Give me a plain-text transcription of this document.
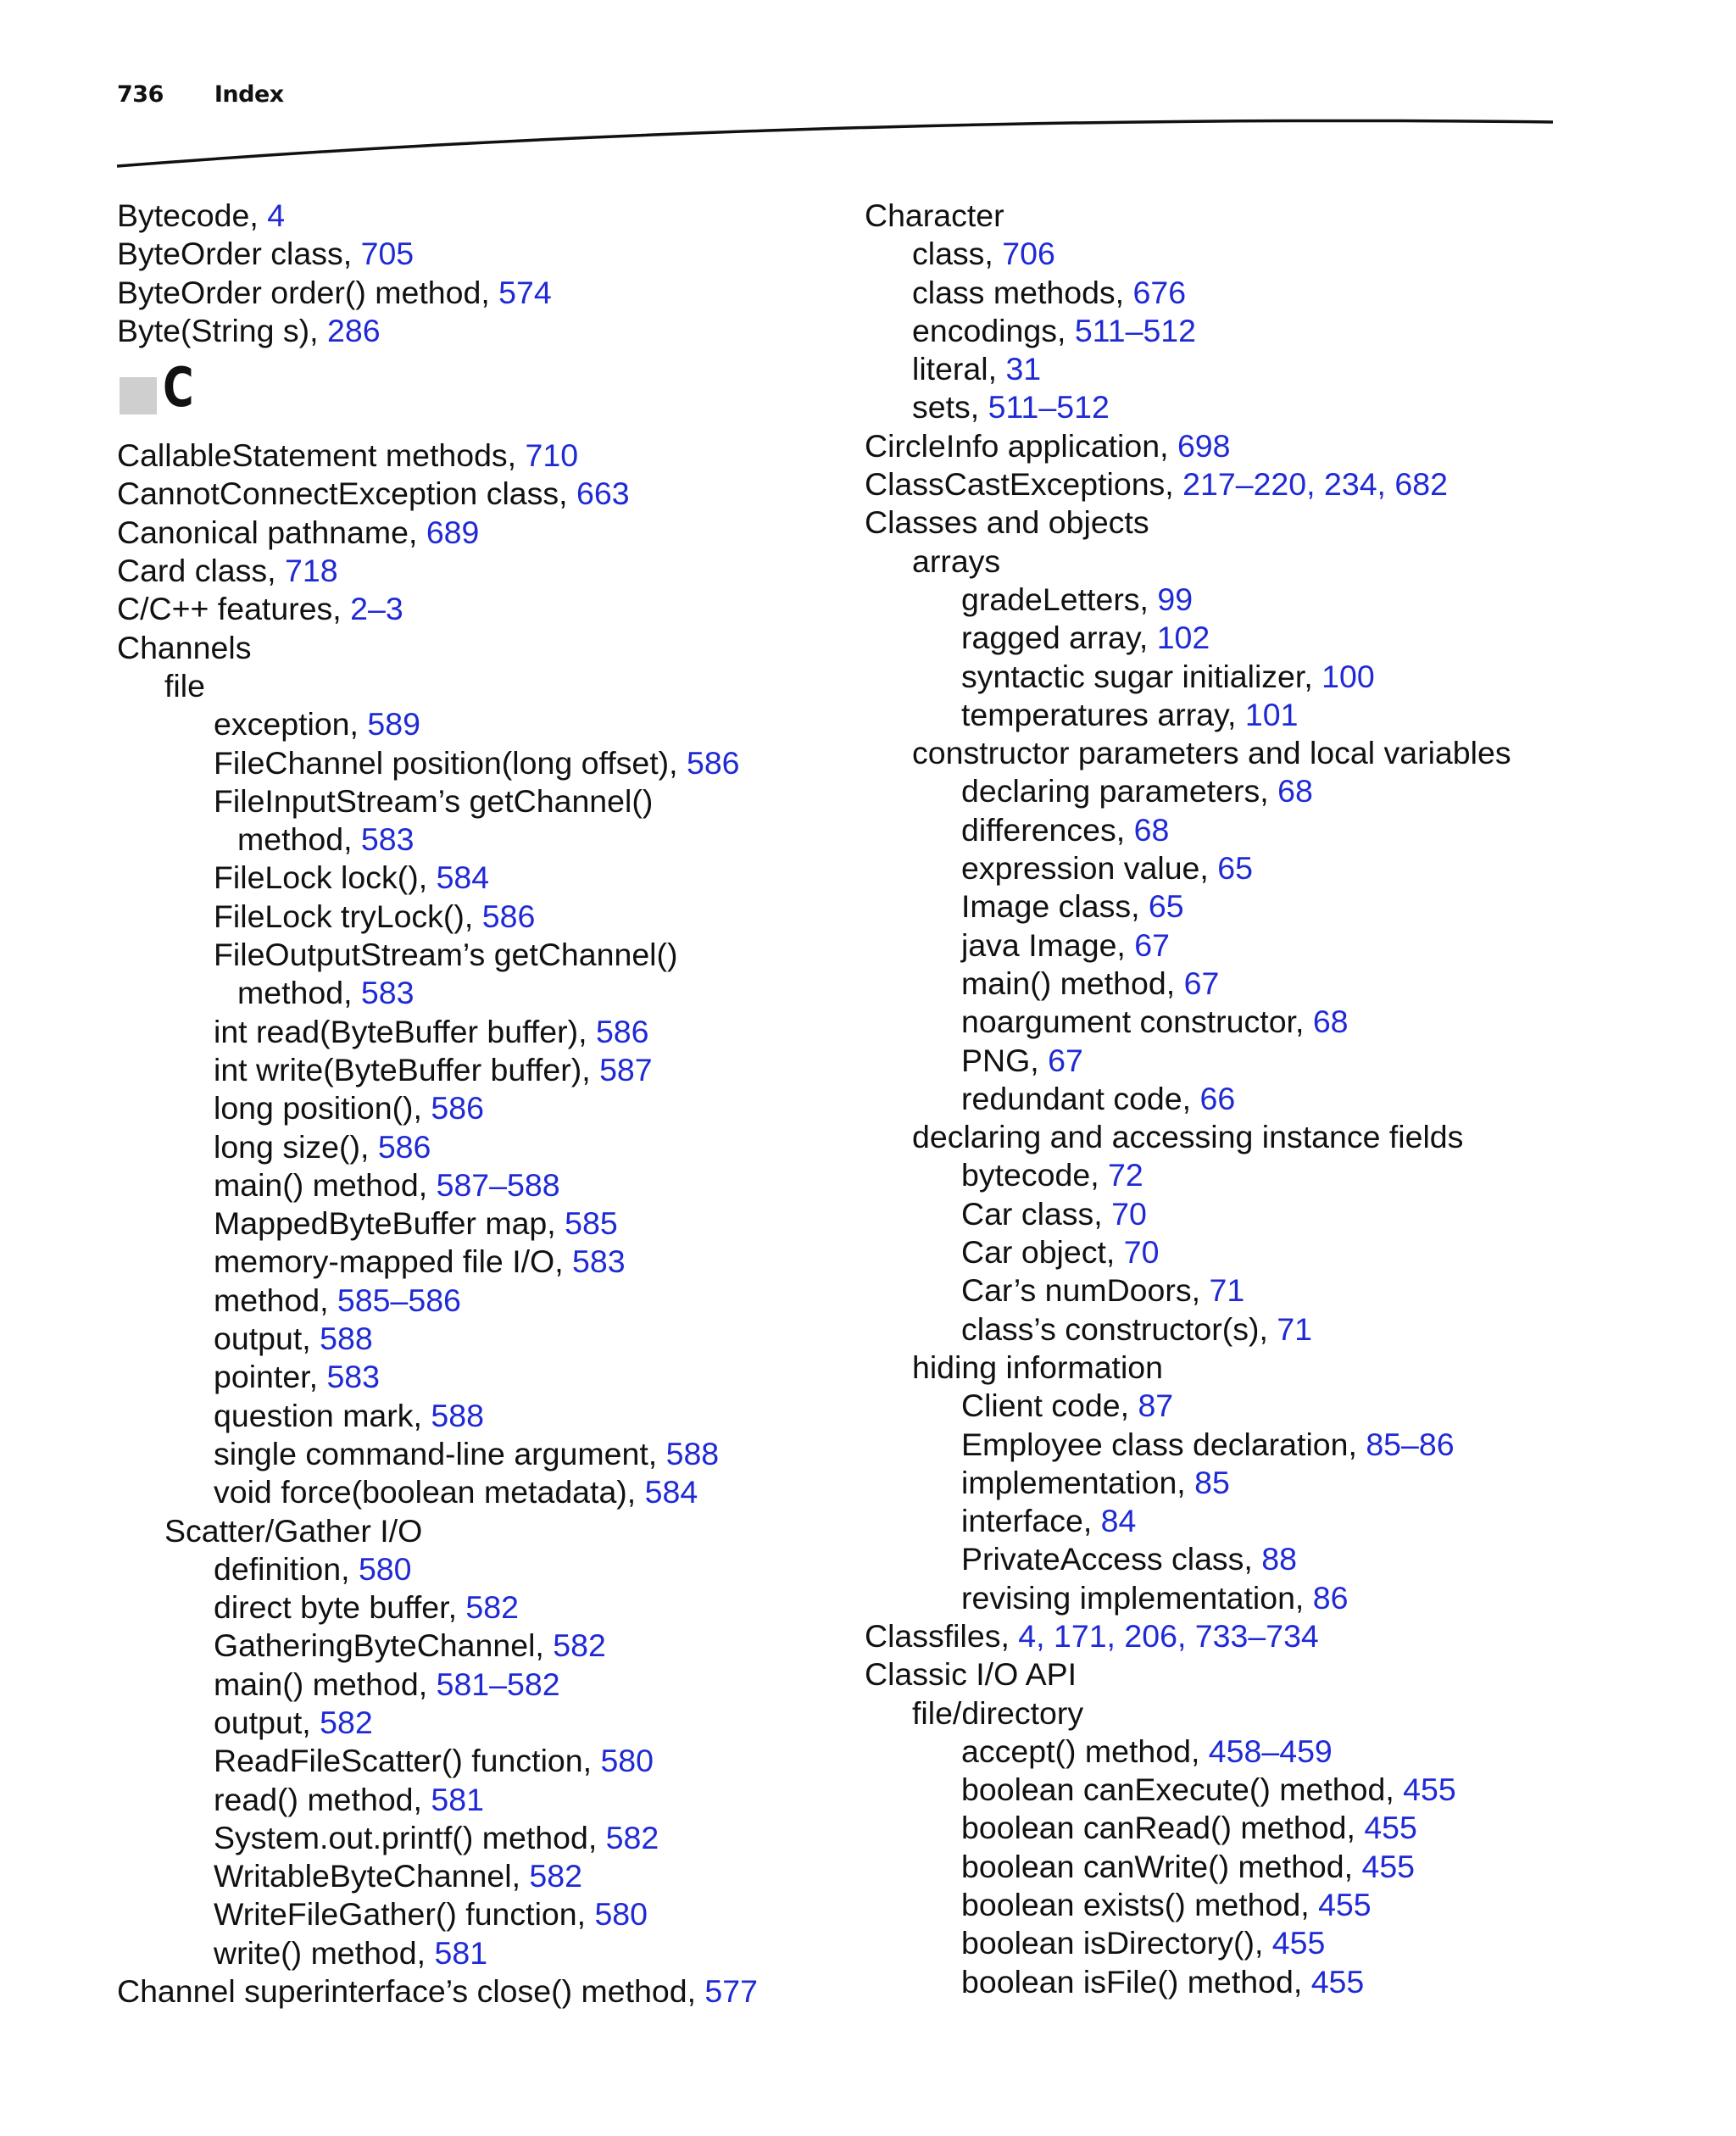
736 Index
Bytecode, 4
ByteOrder class, 705
ByteOrder order() method, 574
Byte(String s), 286
C
CallableStatement methods, 710
CannotConnectException class, 663
Canonical pathname, 689
Card class, 718
C/C++ features, 2–3
Channels
file
exception, 589
FileChannel position(long offset), 586
FileInputStream’s getChannel()
method, 583
FileLock lock(), 584
FileLock tryLock(), 586
FileOutputStream’s getChannel()
method, 583
int read(ByteBuffer buffer), 586
int write(ByteBuffer buffer), 587
long position(), 586
long size(), 586
main() method, 587–588
MappedByteBuffer map, 585
memory-mapped file I/O, 583
method, 585–586
output, 588
pointer, 583
question mark, 588
single command-line argument, 588
void force(boolean metadata), 584
Scatter/Gather I/O
definition, 580
direct byte buffer, 582
GatheringByteChannel, 582
main() method, 581–582
output, 582
ReadFileScatter() function, 580
read() method, 581
System.out.printf() method, 582
WritableByteChannel, 582
WriteFileGather() function, 580
write() method, 581
Channel superinterface’s close() method, 577
Character
class, 706
class methods, 676
encodings, 511–512
literal, 31
sets, 511–512
CircleInfo application, 698
ClassCastExceptions, 217–220, 234, 682
Classes and objects
arrays
gradeLetters, 99
ragged array, 102
syntactic sugar initializer, 100
temperatures array, 101
constructor parameters and local variables
declaring parameters, 68
differences, 68
expression value, 65
Image class, 65
java Image, 67
main() method, 67
noargument constructor, 68
PNG, 67
redundant code, 66
declaring and accessing instance fields
bytecode, 72
Car class, 70
Car object, 70
Car’s numDoors, 71
class’s constructor(s), 71
hiding information
Client code, 87
Employee class declaration, 85–86
implementation, 85
interface, 84
PrivateAccess class, 88
revising implementation, 86
Classfiles, 4, 171, 206, 733–734
Classic I/O API
file/directory
accept() method, 458–459
boolean canExecute() method, 455
boolean canRead() method, 455
boolean canWrite() method, 455
boolean exists() method, 455
boolean isDirectory(), 455
boolean isFile() method, 455
